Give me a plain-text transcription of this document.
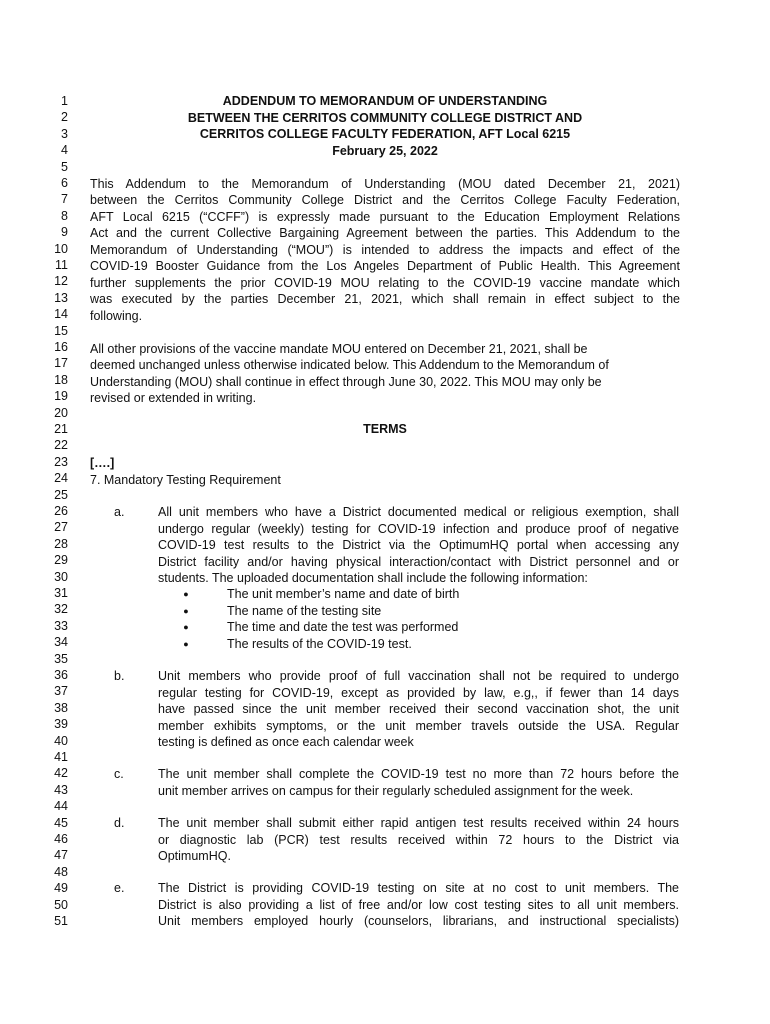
1
2
3
4
5
6
7
8
9
10
11
12
13
14
15
16
17
18
19
20
21
22
23
24
25
26
27
28
29
30
31
32
33
34
35
36
37
38
39
40
41
42
43
44
45
46
47
48
49
50
51
ADDENDUM TO MEMORANDUM OF UNDERSTANDING
BETWEEN THE CERRITOS COMMUNITY COLLEGE DISTRICT AND
CERRITOS COLLEGE FACULTY FEDERATION, AFT Local 6215
February 25, 2022
This Addendum to the Memorandum of Understanding (MOU dated December 21, 2021)
between the Cerritos Community College District and the Cerritos College Faculty Federation,
AFT Local 6215 (“CCFF”) is expressly made pursuant to the Education Employment Relations
Act and the current Collective Bargaining Agreement between the parties. This Addendum to the
Memorandum of Understanding (“MOU”) is intended to address the impacts and effect of the
COVID-19 Booster Guidance from the Los Angeles Department of Public Health. This Agreement
further supplements the prior COVID-19 MOU relating to the COVID-19 vaccine mandate which
was executed by the parties December 21, 2021, which shall remain in effect subject to the
following.
All other provisions of the vaccine mandate MOU entered on December 21, 2021, shall be
deemed unchanged unless otherwise indicated below. This Addendum to the Memorandum of
Understanding (MOU) shall continue in effect through June 30, 2022. This MOU may only be
revised or extended in writing.
TERMS
[….]
7. Mandatory Testing Requirement
a.	All unit members who have a District documented medical or religious exemption, shall
undergo regular (weekly) testing for COVID-19 infection and produce proof of negative
COVID-19 test results to the District via the OptimumHQ portal when accessing any
District facility and/or having physical interaction/contact with District personnel and or
students. The uploaded documentation shall include the following information:
●	The unit member’s name and date of birth
●	The name of the testing site
●	The time and date the test was performed
●	The results of the COVID-19 test.
b.	Unit members who provide proof of full vaccination shall not be required to undergo
regular testing for COVID-19, except as provided by law, e.g,, if fewer than 14 days
have passed since the unit member received their second vaccination shot, the unit
member exhibits symptoms, or the unit member travels outside the USA. Regular
testing is defined as once each calendar week
c.	The unit member shall complete the COVID-19 test no more than 72 hours before the
unit member arrives on campus for their regularly scheduled assignment for the week.
d.	The unit member shall submit either rapid antigen test results received within 24 hours
or diagnostic lab (PCR) test results received within 72 hours to the District via
OptimumHQ.
e.	The District is providing COVID-19 testing on site at no cost to unit members. The
District is also providing a list of free and/or low cost testing sites to all unit members.
Unit members employed hourly (counselors, librarians, and instructional specialists)
